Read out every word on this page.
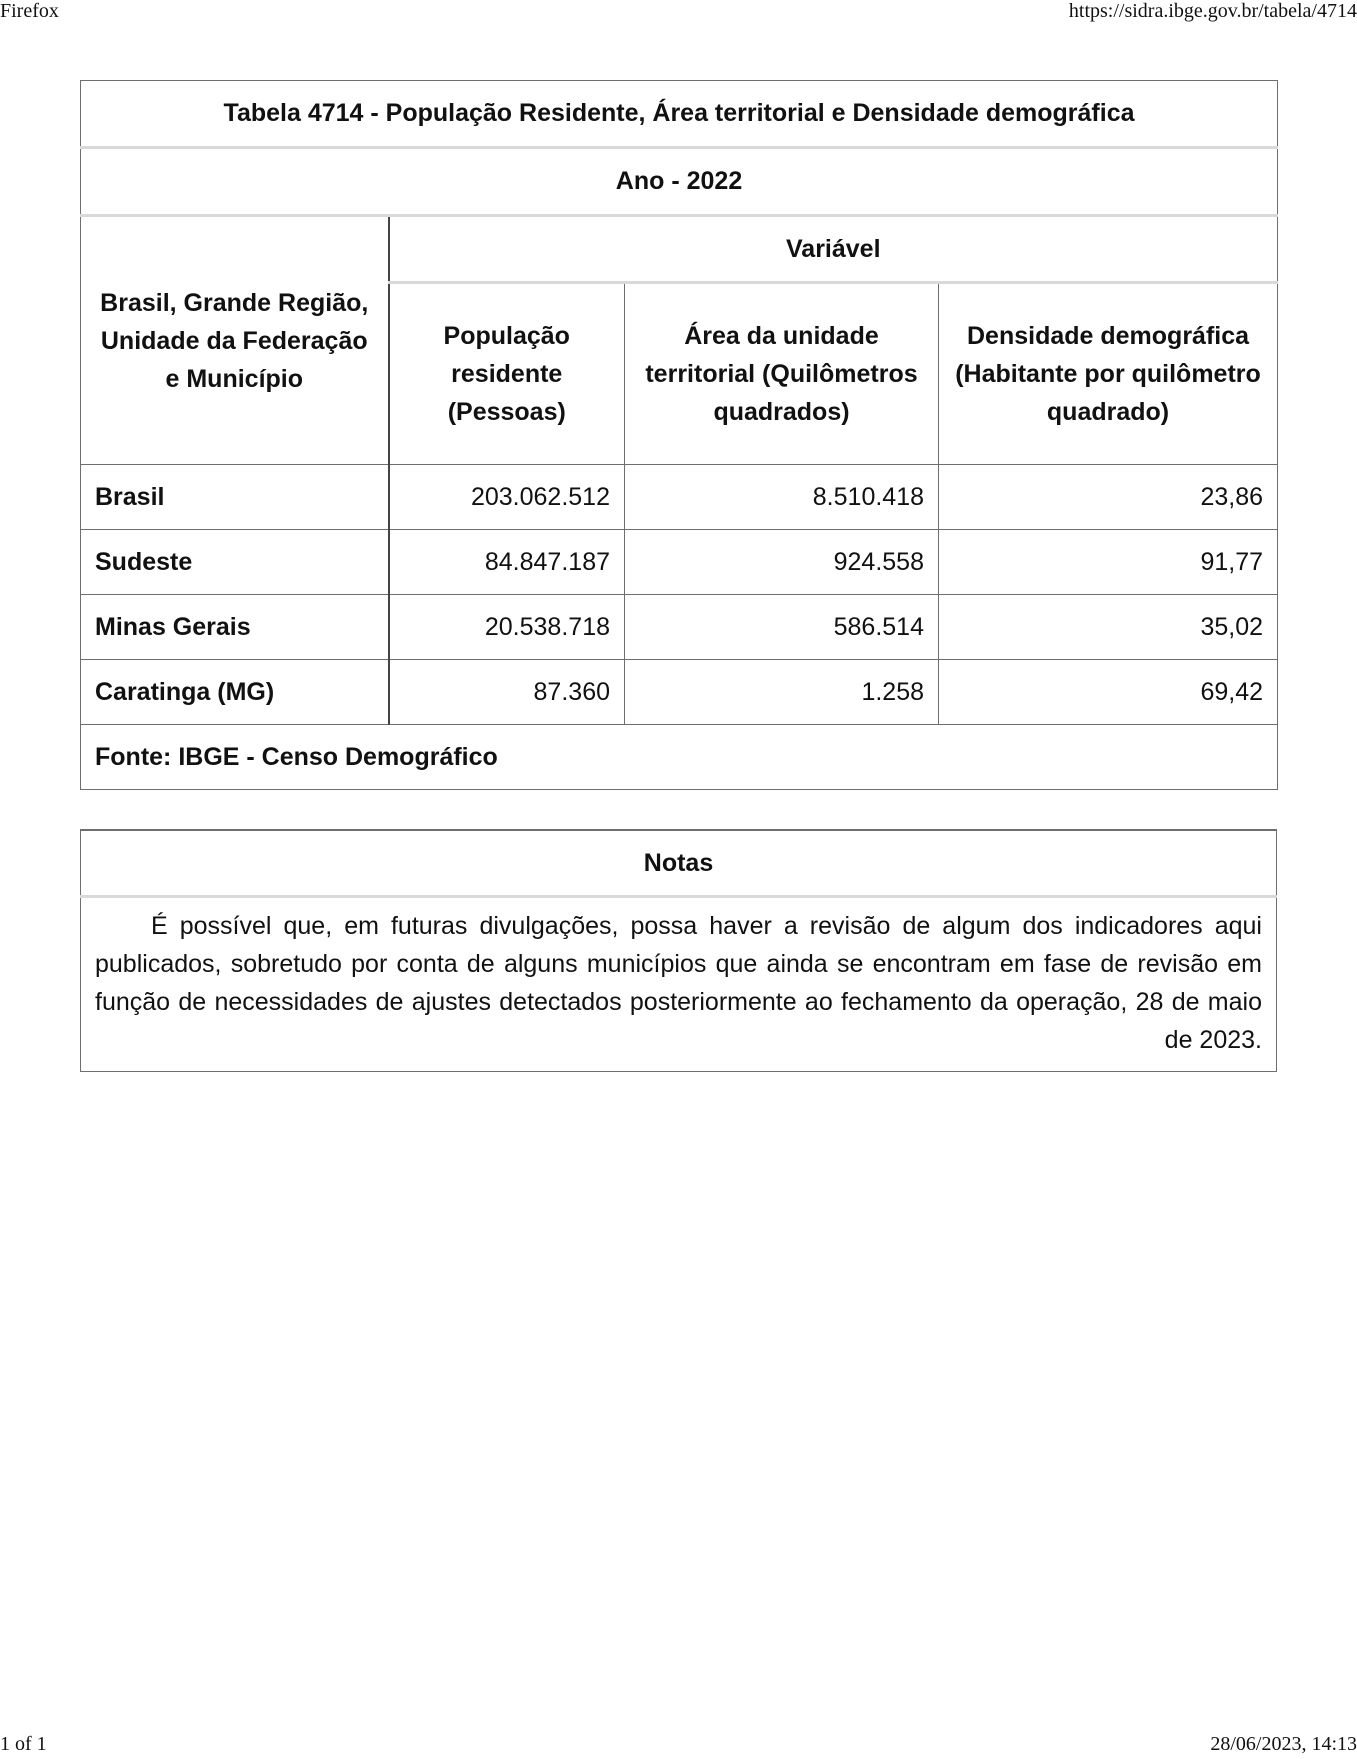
Firefox	https://sidra.ibge.gov.br/tabela/4714
Tabela 4714 - População Residente, Área territorial e Densidade demográfica			
Ano - 2022			
Brasil, Grande Região, Unidade da Federação e Município	Variável		
	População residente (Pessoas)	Área da unidade territorial (Quilômetros quadrados)	Densidade demográfica (Habitante por quilômetro quadrado)
Brasil	203.062.512	8.510.418	23,86
Sudeste	84.847.187	924.558	91,77
Minas Gerais	20.538.718	586.514	35,02
Caratinga (MG)	87.360	1.258	69,42
Fonte: IBGE - Censo Demográfico			
Notas
É possível que, em futuras divulgações, possa haver a revisão de algum dos indicadores aqui publicados, sobretudo por conta de alguns municípios que ainda se encontram em fase de revisão em função de necessidades de ajustes detectados posteriormente ao fechamento da operação, 28 de maio de 2023.
1 of 1	28/06/2023, 14:13
